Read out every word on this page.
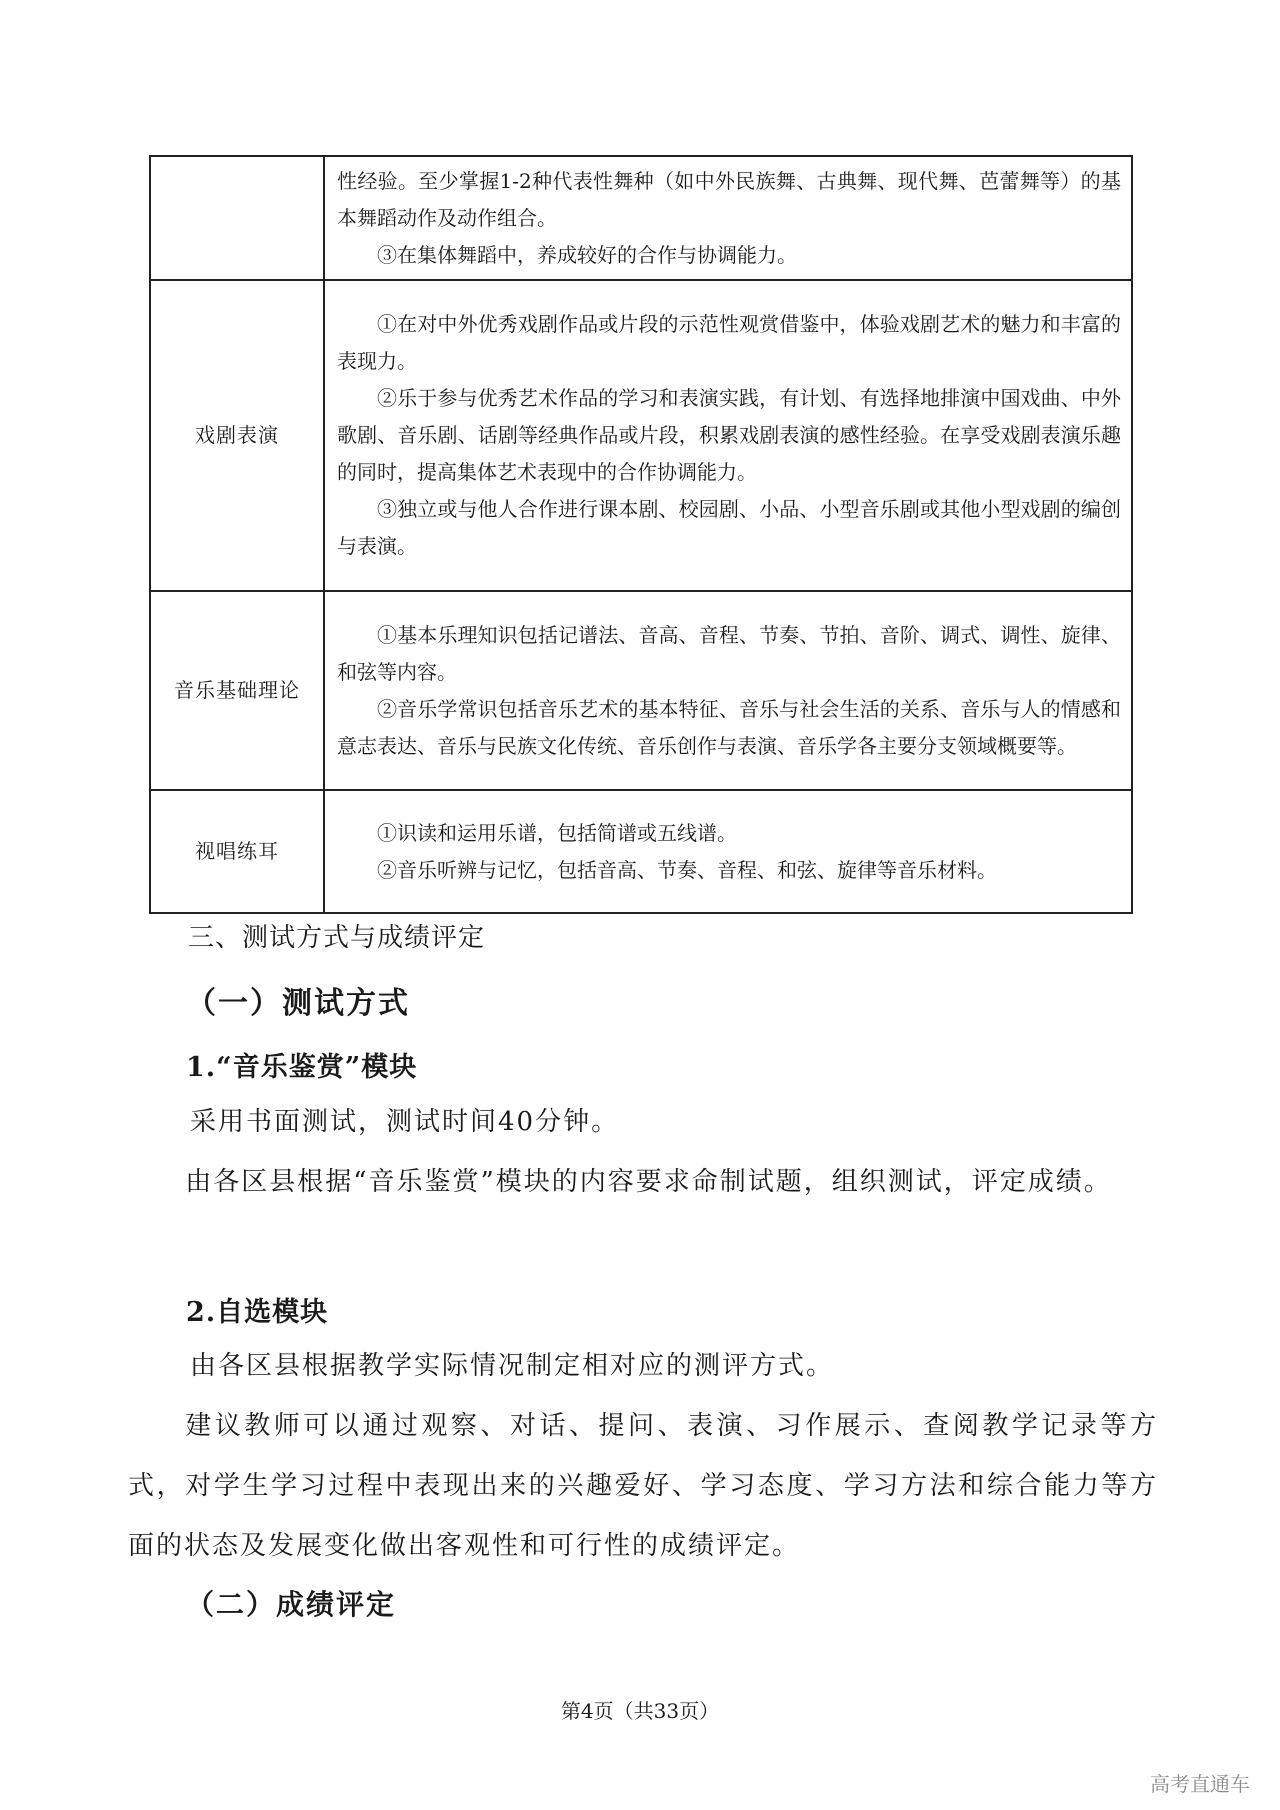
	性经验。至少掌握1-2种代表性舞种（如中外民族舞、古典舞、现代舞、芭蕾舞等）的基本舞蹈动作及动作组合。

③在集体舞蹈中，养成较好的合作与协调能力。

戏剧表演	①在对中外优秀戏剧作品或片段的示范性观赏借鉴中，体验戏剧艺术的魅力和丰富的表现力。

②乐于参与优秀艺术作品的学习和表演实践，有计划、有选择地排演中国戏曲、中外歌剧、音乐剧、话剧等经典作品或片段，积累戏剧表演的感性经验。在享受戏剧表演乐趣的同时，提高集体艺术表现中的合作协调能力。

③独立或与他人合作进行课本剧、校园剧、小品、小型音乐剧或其他小型戏剧的编创与表演。

音乐基础理论	①基本乐理知识包括记谱法、音高、音程、节奏、节拍、音阶、调式、调性、旋律、和弦等内容。

②音乐学常识包括音乐艺术的基本特征、音乐与社会生活的关系、音乐与人的情感和意志表达、音乐与民族文化传统、音乐创作与表演、音乐学各主要分支领域概要等。

视唱练耳	①识读和运用乐谱，包括简谱或五线谱。

②音乐听辨与记忆，包括音高、节奏、音程、和弦、旋律等音乐材料。

三、测试方式与成绩评定
（一）测试方式
1.“音乐鉴赏”模块
采用书面测试，测试时间40分钟。
由各区县根据“音乐鉴赏”模块的内容要求命制试题，组织测试，评定成绩。
2.自选模块
由各区县根据教学实际情况制定相对应的测评方式。
建议教师可以通过观察、对话、提问、表演、习作展示、查阅教学记录等方式，对学生学习过程中表现出来的兴趣爱好、学习态度、学习方法和综合能力等方面的状态及发展变化做出客观性和可行性的成绩评定。
（二）成绩评定
第4页（共33页）
高考直通车
